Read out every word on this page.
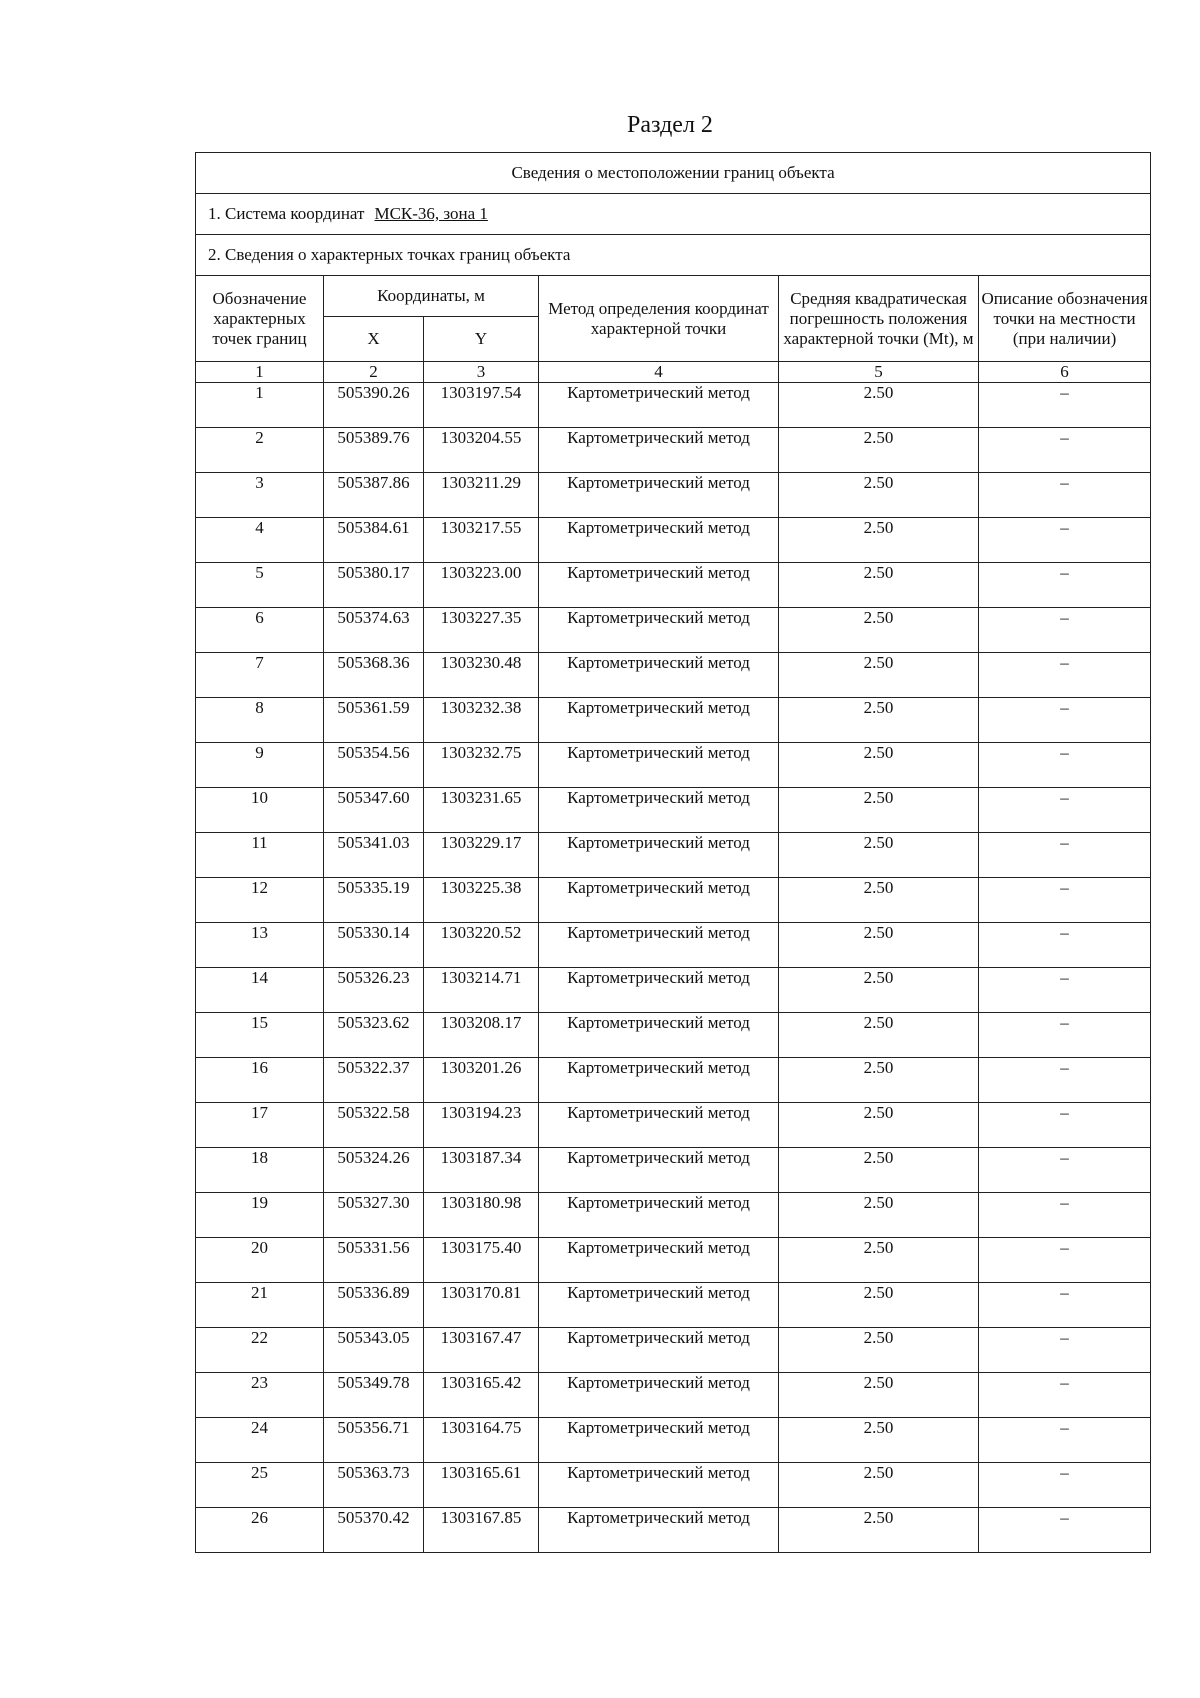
Раздел 2
Сведения о местоположении границ объекта					
1. Система координат МСК-36, зона 1					
2. Сведения о характерных точках границ объекта					
Обозначение характерных точек границ	Координаты, м		Метод определения координат характерной точки	Средняя квадратическая погрешность положения характерной точки (Mt), м	Описание обозначения точки на местности (при наличии)
	X	Y			
1	2	3	4	5	6
1	505390.26	1303197.54	Картометрический метод	2.50	–
2	505389.76	1303204.55	Картометрический метод	2.50	–
3	505387.86	1303211.29	Картометрический метод	2.50	–
4	505384.61	1303217.55	Картометрический метод	2.50	–
5	505380.17	1303223.00	Картометрический метод	2.50	–
6	505374.63	1303227.35	Картометрический метод	2.50	–
7	505368.36	1303230.48	Картометрический метод	2.50	–
8	505361.59	1303232.38	Картометрический метод	2.50	–
9	505354.56	1303232.75	Картометрический метод	2.50	–
10	505347.60	1303231.65	Картометрический метод	2.50	–
11	505341.03	1303229.17	Картометрический метод	2.50	–
12	505335.19	1303225.38	Картометрический метод	2.50	–
13	505330.14	1303220.52	Картометрический метод	2.50	–
14	505326.23	1303214.71	Картометрический метод	2.50	–
15	505323.62	1303208.17	Картометрический метод	2.50	–
16	505322.37	1303201.26	Картометрический метод	2.50	–
17	505322.58	1303194.23	Картометрический метод	2.50	–
18	505324.26	1303187.34	Картометрический метод	2.50	–
19	505327.30	1303180.98	Картометрический метод	2.50	–
20	505331.56	1303175.40	Картометрический метод	2.50	–
21	505336.89	1303170.81	Картометрический метод	2.50	–
22	505343.05	1303167.47	Картометрический метод	2.50	–
23	505349.78	1303165.42	Картометрический метод	2.50	–
24	505356.71	1303164.75	Картометрический метод	2.50	–
25	505363.73	1303165.61	Картометрический метод	2.50	–
26	505370.42	1303167.85	Картометрический метод	2.50	–
